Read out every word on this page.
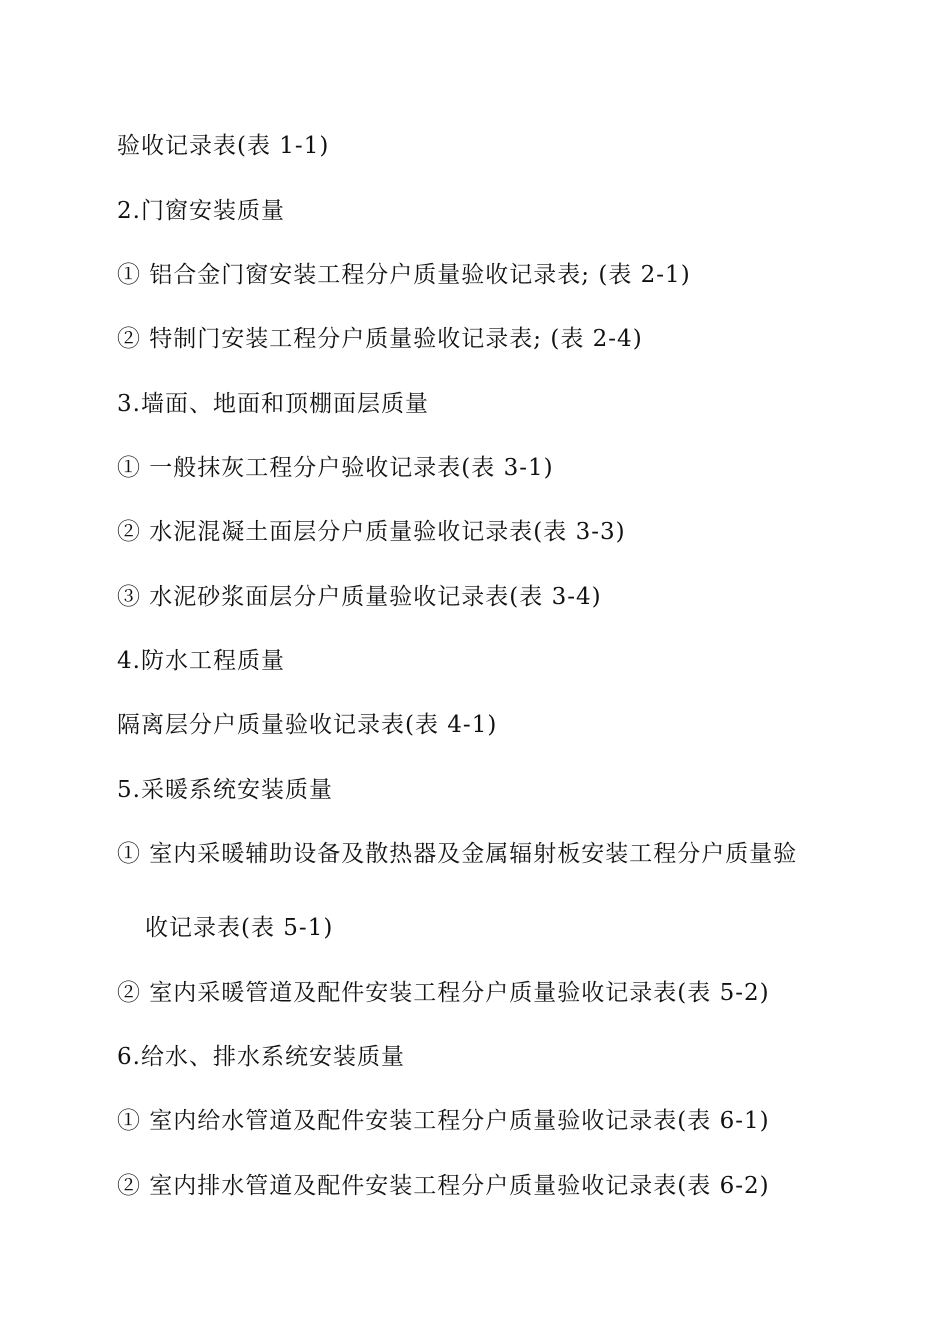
验收记录表(表 1-1)
2.门窗安装质量
① 铝合金门窗安装工程分户质量验收记录表; (表 2-1)
② 特制门安装工程分户质量验收记录表; (表 2-4)
3.墙面、地面和顶棚面层质量
① 一般抹灰工程分户验收记录表(表 3-1)
② 水泥混凝土面层分户质量验收记录表(表 3-3)
③ 水泥砂浆面层分户质量验收记录表(表 3-4)
4.防水工程质量
隔离层分户质量验收记录表(表 4-1)
5.采暖系统安装质量
① 室内采暖辅助设备及散热器及金属辐射板安装工程分户质量验
收记录表(表 5-1)
② 室内采暖管道及配件安装工程分户质量验收记录表(表 5-2)
6.给水、排水系统安装质量
① 室内给水管道及配件安装工程分户质量验收记录表(表 6-1)
② 室内排水管道及配件安装工程分户质量验收记录表(表 6-2)
